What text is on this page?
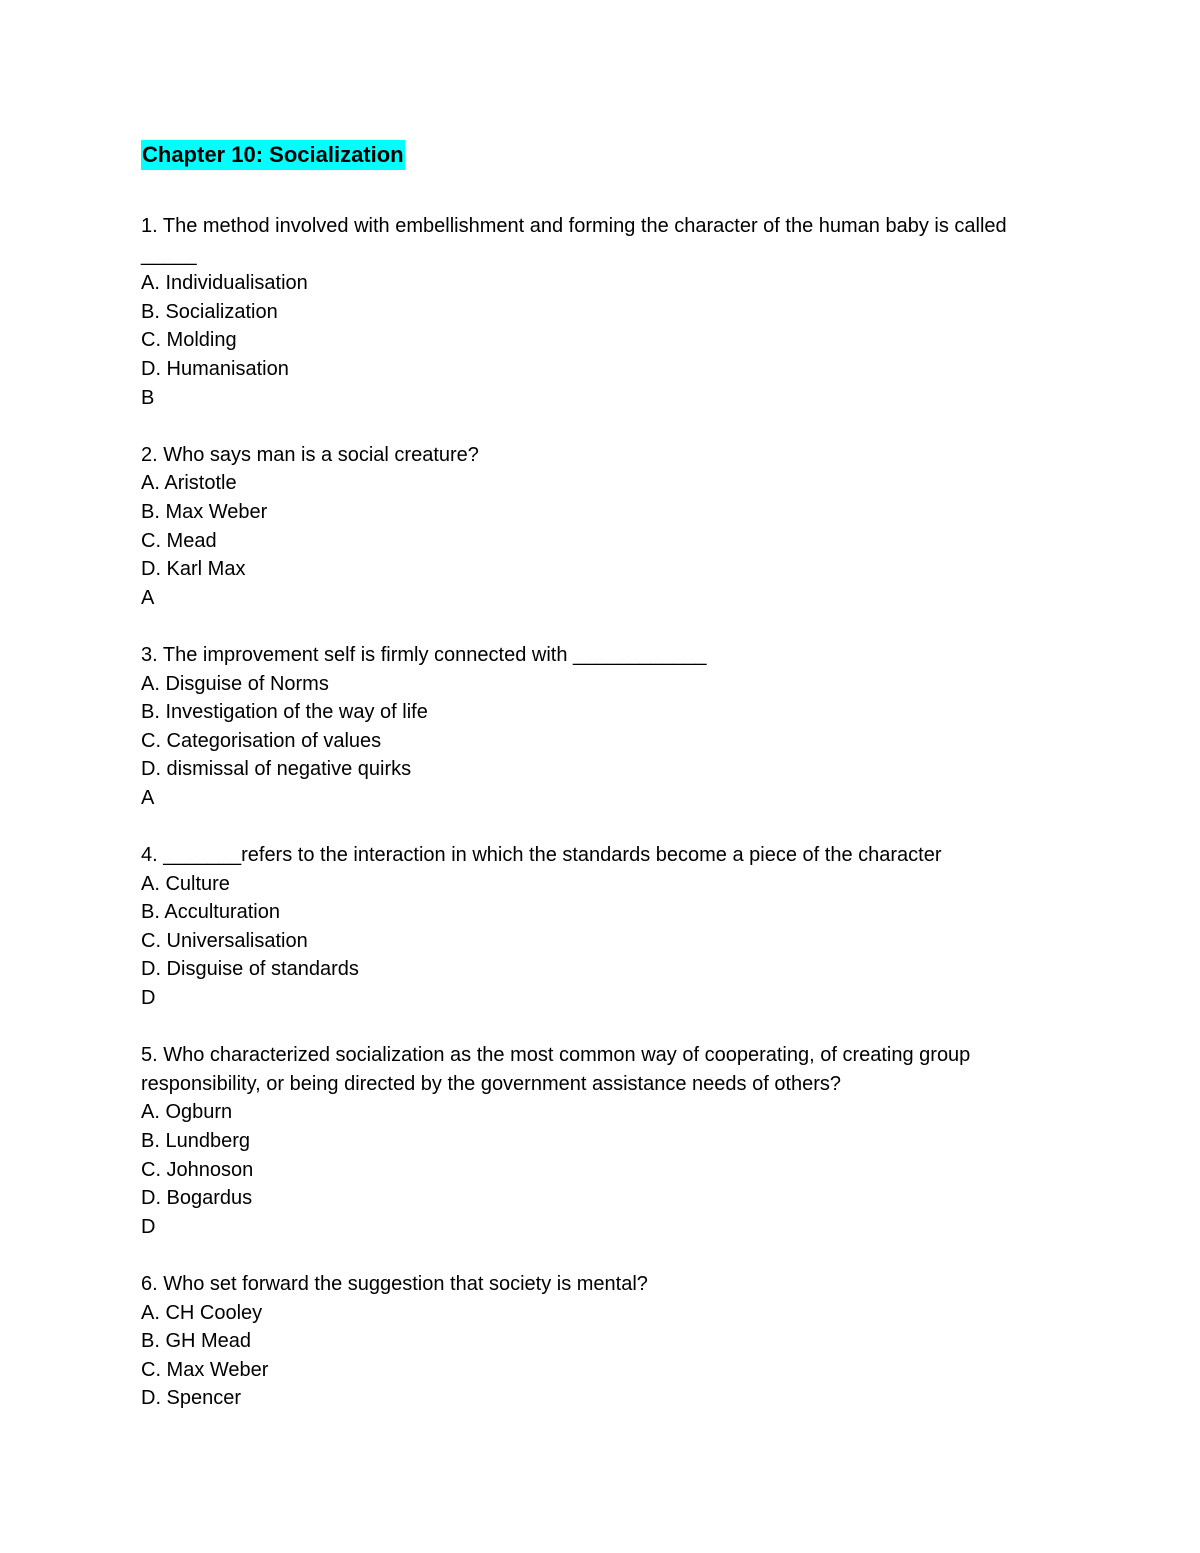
Chapter 10: Socialization
1. The method involved with embellishment and forming the character of the human baby is called _____
A. Individualisation
B. Socialization
C. Molding
D. Humanisation
B
2. Who says man is a social creature?
A. Aristotle
B. Max Weber
C. Mead
D. Karl Max
A
3. The improvement self is firmly connected with ____________
A. Disguise of Norms
B. Investigation of the way of life
C. Categorisation of values
D. dismissal of negative quirks
A
4. _______refers to the interaction in which the standards become a piece of the character
A. Culture
B. Acculturation
C. Universalisation
D. Disguise of standards
D
5. Who characterized socialization as the most common way of cooperating, of creating group responsibility, or being directed by the government assistance needs of others?
A. Ogburn
B. Lundberg
C. Johnoson
D. Bogardus
D
6. Who set forward the suggestion that society is mental?
A. CH Cooley
B. GH Mead
C. Max Weber
D. Spencer
